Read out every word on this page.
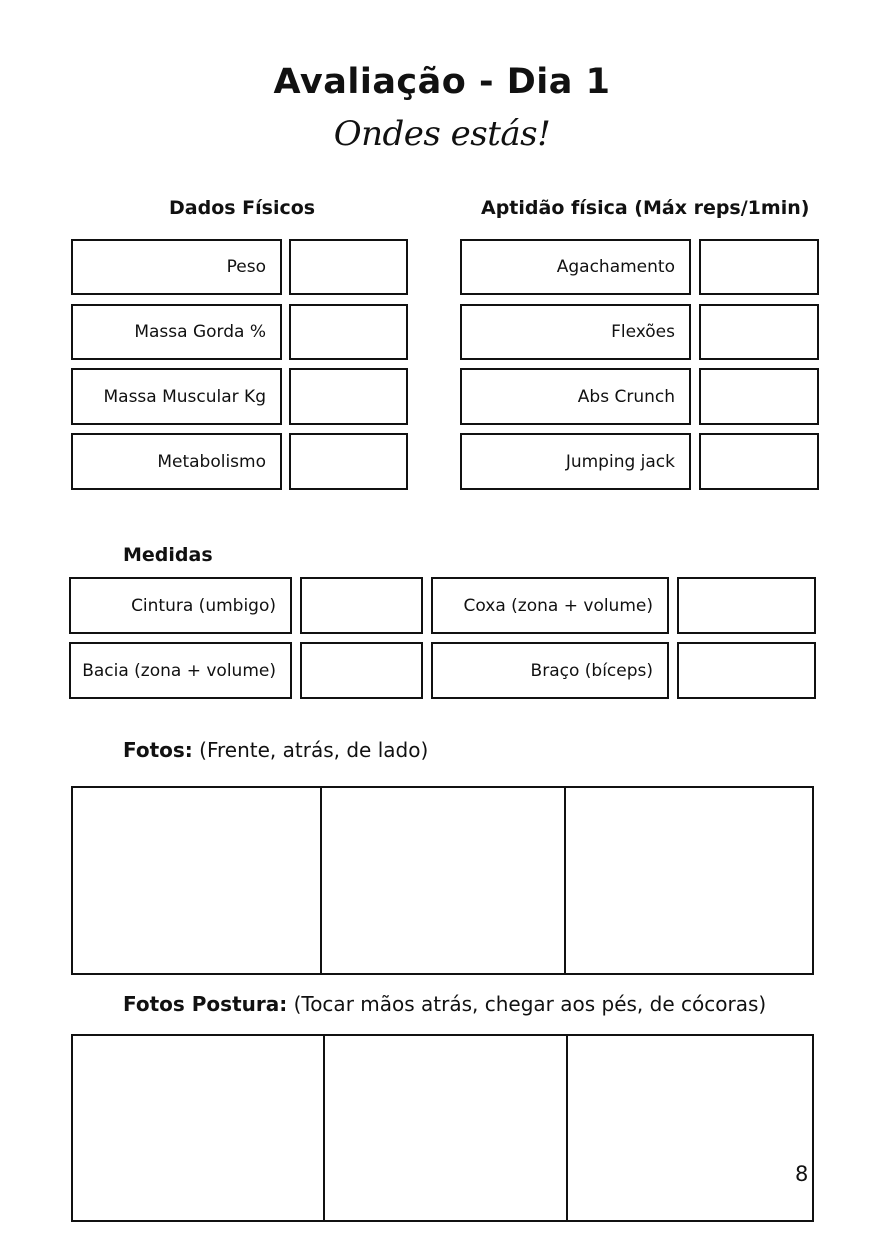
Avaliação - Dia 1
Ondes estás!
Dados Físicos
Peso
Massa Gorda %
Massa Muscular Kg
Metabolismo
Aptidão física (Máx reps/1min)
Agachamento
Flexões
Abs Crunch
Jumping jack
Medidas
Cintura (umbigo)	Coxa (zona + volume)
Bacia (zona + volume)	Braço (bíceps)
Fotos: (Frente, atrás, de lado)
Fotos Postura: (Tocar mãos atrás, chegar aos pés, de cócoras)
8
